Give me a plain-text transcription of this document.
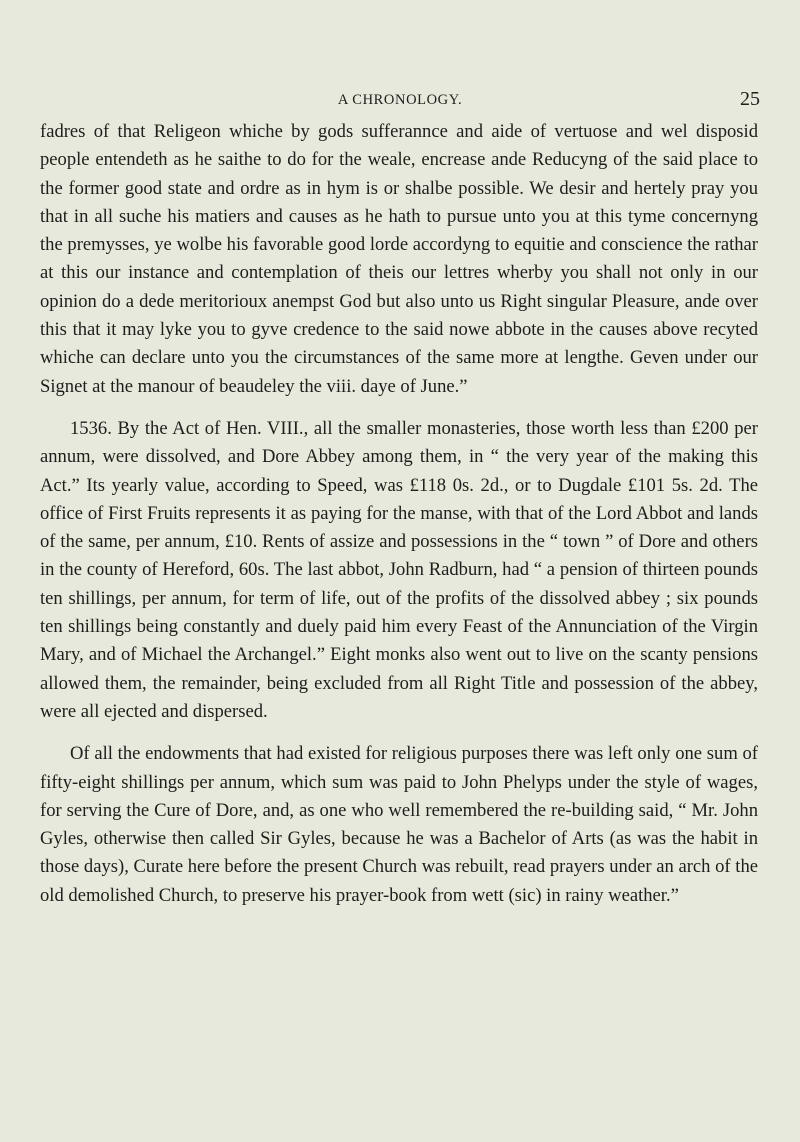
A CHRONOLOGY.	25

fadres of that Religeon whiche by gods sufferannce and aide of vertuose and wel disposid people entendeth as he saithe to do for the weale, encrease ande Reducyng of the said place to the former good state and ordre as in hym is or shalbe possible. We desir and hertely pray you that in all suche his matiers and causes as he hath to pursue unto you at this tyme concernyng the premysses, ye wolbe his favorable good lorde accordyng to equitie and conscience the rathar at this our instance and contemplation of theis our lettres wherby you shall not only in our opinion do a dede meritorioux anempst God but also unto us Right singular Pleasure, ande over this that it may lyke you to gyve credence to the said nowe abbote in the causes above recyted whiche can declare unto you the circumstances of the same more at lengthe. Geven under our Signet at the manour of beaudeley the viii. daye of June.”

1536. By the Act of Hen. VIII., all the smaller monasteries, those worth less than £200 per annum, were dissolved, and Dore Abbey among them, in “ the very year of the making this Act.” Its yearly value, according to Speed, was £118 0s. 2d., or to Dugdale £101 5s. 2d. The office of First Fruits represents it as paying for the manse, with that of the Lord Abbot and lands of the same, per annum, £10. Rents of assize and possessions in the “ town ” of Dore and others in the county of Hereford, 60s. The last abbot, John Radburn, had “ a pension of thirteen pounds ten shillings, per annum, for term of life, out of the profits of the dissolved abbey ; six pounds ten shillings being constantly and duely paid him every Feast of the Annunciation of the Virgin Mary, and of Michael the Archangel.” Eight monks also went out to live on the scanty pensions allowed them, the remainder, being excluded from all Right Title and possession of the abbey, were all ejected and dispersed.

Of all the endowments that had existed for religious purposes there was left only one sum of fifty-eight shillings per annum, which sum was paid to John Phelyps under the style of wages, for serving the Cure of Dore, and, as one who well remembered the re-building said, “ Mr. John Gyles, otherwise then called Sir Gyles, because he was a Bachelor of Arts (as was the habit in those days), Curate here before the present Church was rebuilt, read prayers under an arch of the old demolished Church, to preserve his prayer-book from wett (sic) in rainy weather.”
